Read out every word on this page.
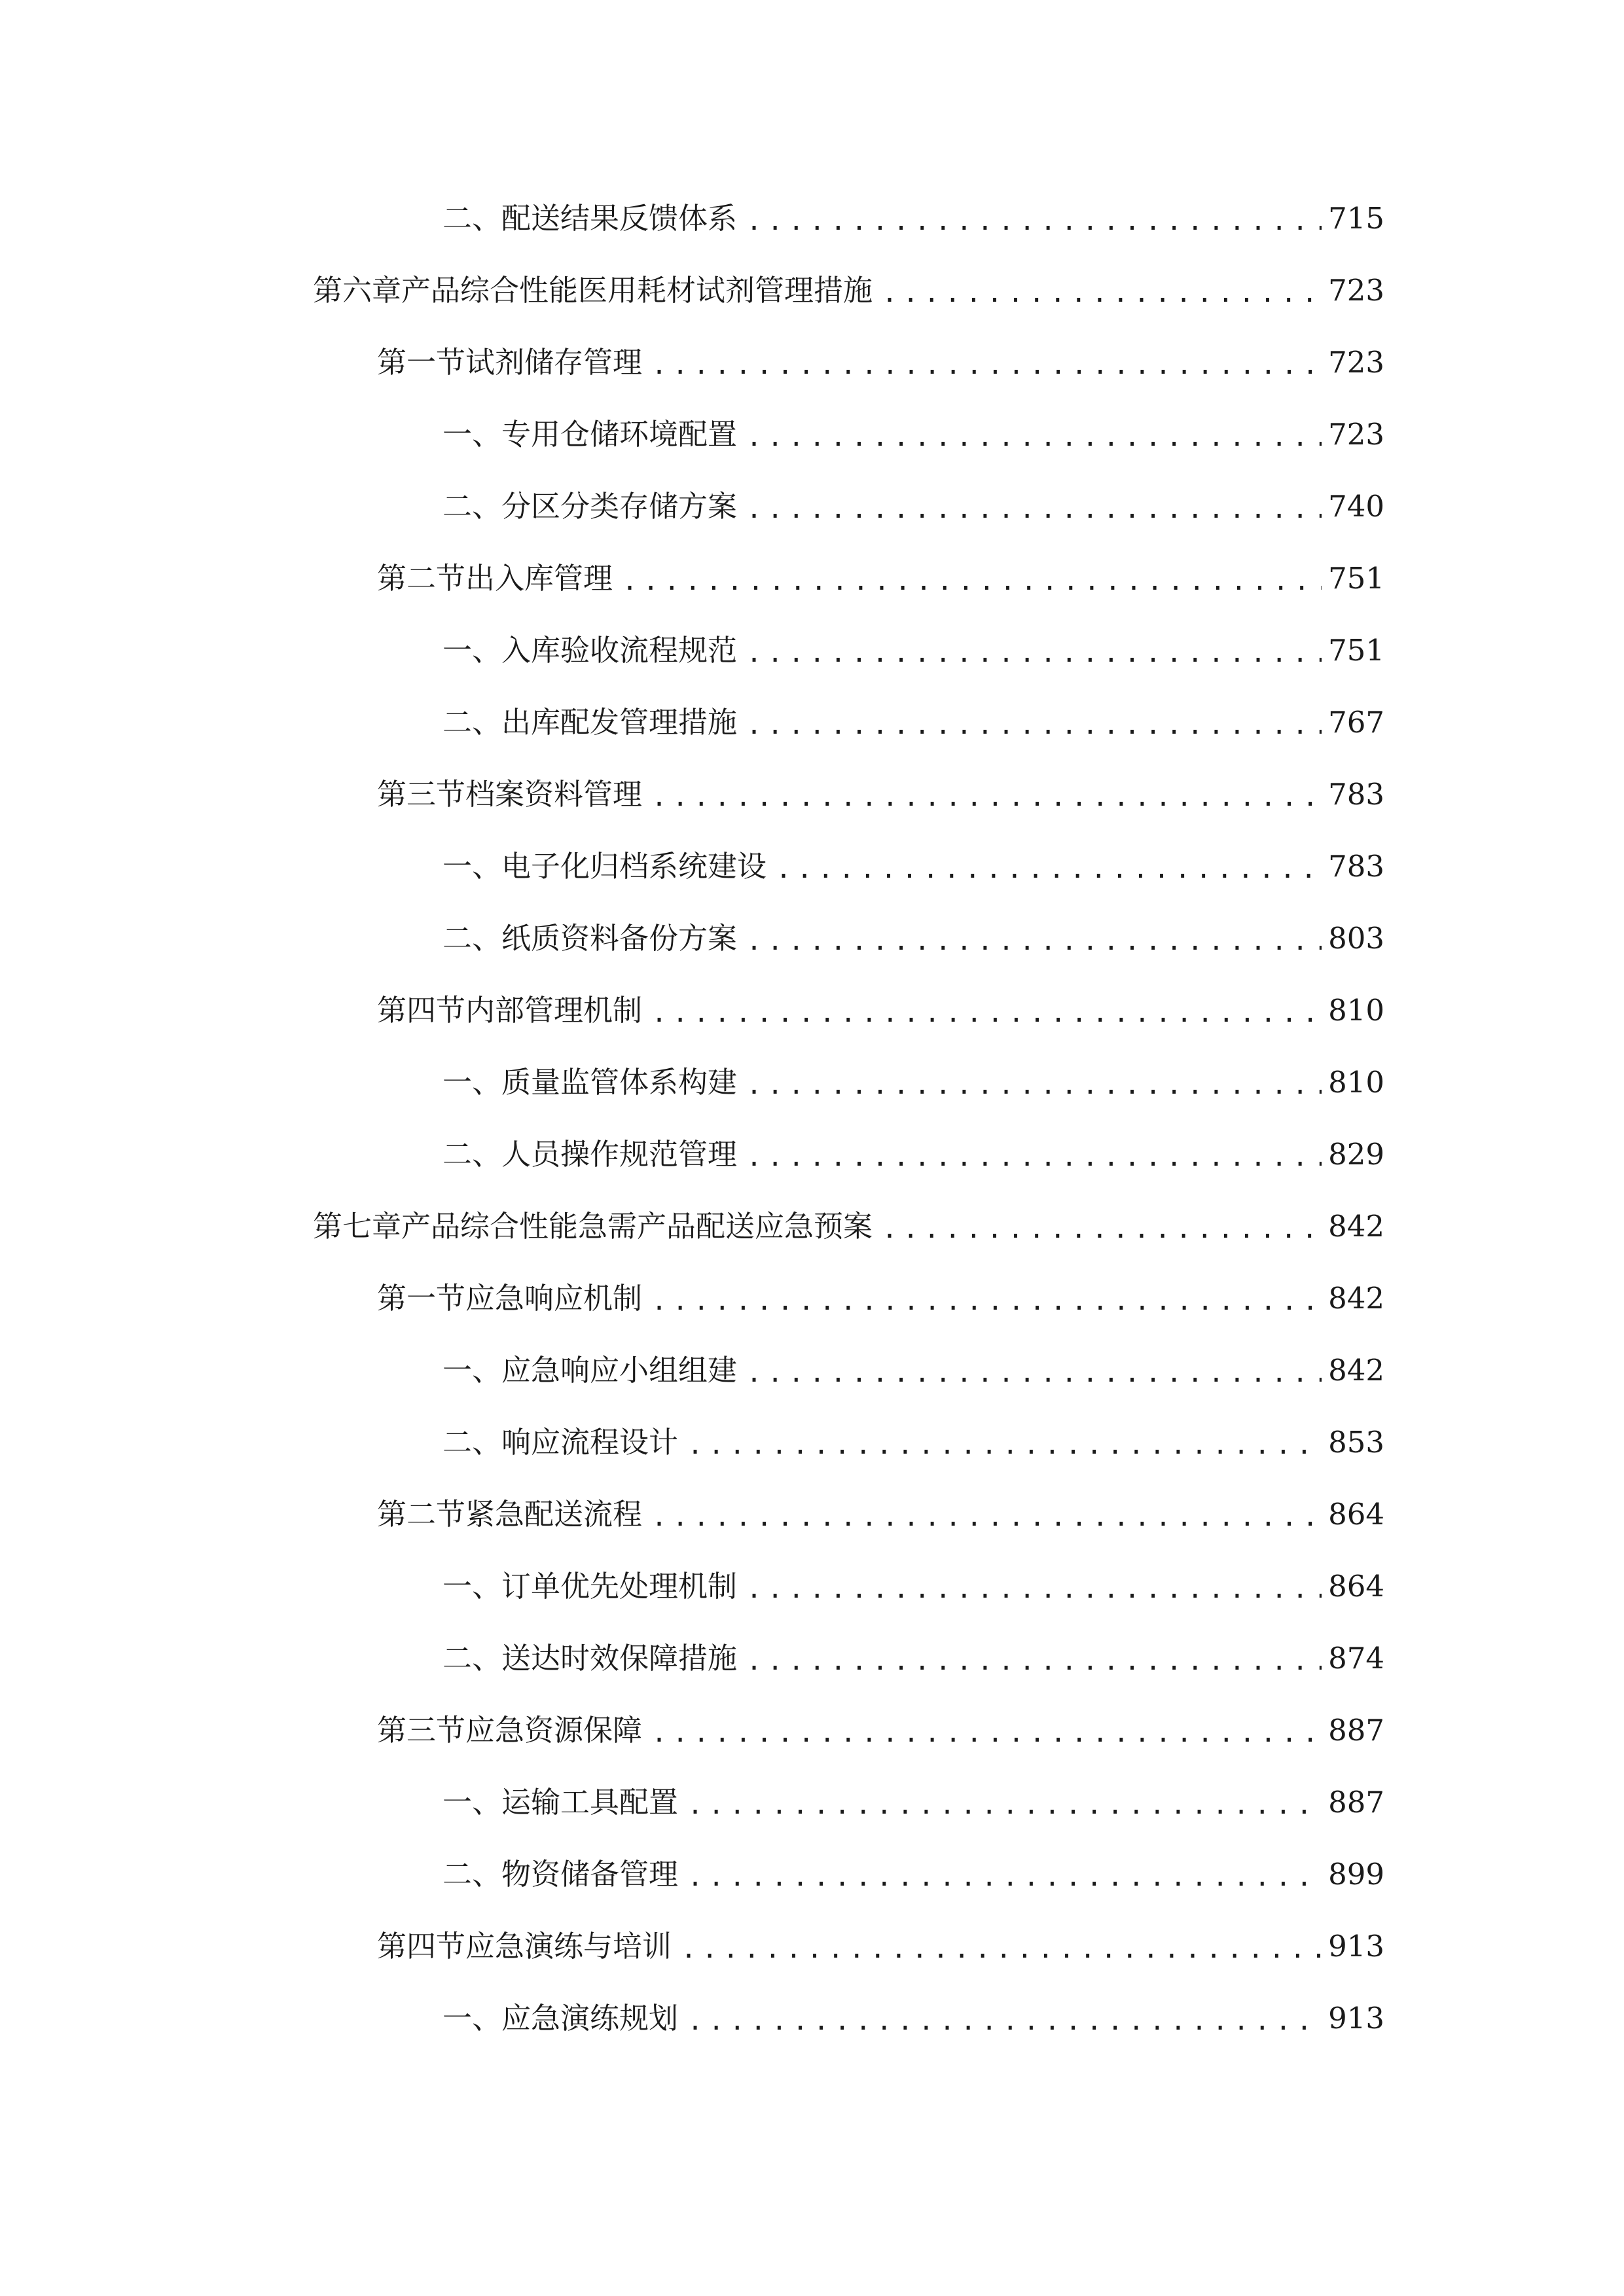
二、 配送结果反馈体系 .....	715
第六章 产品综合性能医用耗材试剂管理措施 .....	723
第一节 试剂储存管理 .....	723
一、 专用仓储环境配置 .....	723
二、 分区分类存储方案 .....	740
第二节 出入库管理 .....	751
一、 入库验收流程规范 .....	751
二、 出库配发管理措施 .....	767
第三节 档案资料管理 .....	783
一、 电子化归档系统建设 .....	783
二、 纸质资料备份方案 .....	803
第四节 内部管理机制 .....	810
一、 质量监管体系构建 .....	810
二、 人员操作规范管理 .....	829
第七章 产品综合性能急需产品配送应急预案 .....	842
第一节 应急响应机制 .....	842
一、 应急响应小组组建 .....	842
二、 响应流程设计 .....	853
第二节 紧急配送流程 .....	864
一、 订单优先处理机制 .....	864
二、 送达时效保障措施 .....	874
第三节 应急资源保障 .....	887
一、 运输工具配置 .....	887
二、 物资储备管理 .....	899
第四节 应急演练与培训 .....	913
一、 应急演练规划 .....	913
